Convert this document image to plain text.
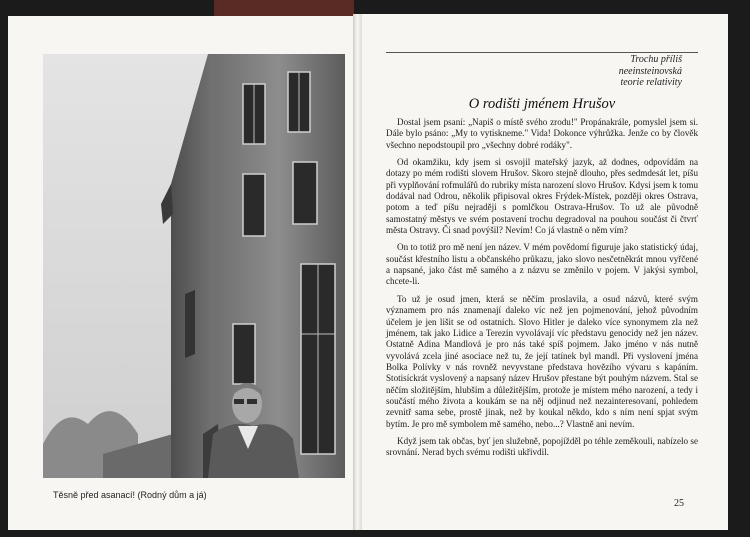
Těsně před asanací! (Rodný dům a já)
Trochu příliš
neeinsteinovská
teorie relativity
O rodišti jménem Hrušov

Dostal jsem psaní: „Napiš o místě svého zrodu!" Propánakrále, pomyslel jsem si. Dále bylo psáno: „My to vytiskneme." Vida! Dokonce výhrůžka. Jenže co by člověk všechno nepodstoupil pro „všechny dobré rodáky".

Od okamžiku, kdy jsem si osvojil mateřský jazyk, až dodnes, odpovídám na dotazy po mém rodišti slovem Hrušov. Skoro stejně dlouho, přes sedmdesát let, píšu při vyplňování rofmulářů do rubriky místa narození slovo Hrušov. Kdysi jsem k tomu dodával nad Odrou, několik připisoval okres Frýdek-Místek, později okres Ostrava, potom a teď píšu nejraději s pomlčkou Ostrava-Hrušov. To už ale původně samostatný městys ve svém postavení trochu degradoval na pouhou součást či čtvrť města Ostravy. Či snad povýšil? Nevím! Co já vlastně o něm vím?

On to totiž pro mě není jen název. V mém povědomí figuruje jako statistický údaj, součást křestního listu a občanského průkazu, jako slovo nesčetněkrát mnou vyřčené a napsané, jako část mě samého a z názvu se změnilo v pojem. V jakýsi symbol, chcete-li.

To už je osud jmen, která se něčím proslavila, a osud názvů, které svým významem pro nás znamenají daleko víc než jen pojmenování, jehož původním účelem je jen lišit se od ostatních. Slovo Hitler je daleko více synonymem zla než jménem, tak jako Lidice a Terezín vyvolávají víc představu genocidy než jen název. Ostatně Adina Mandlová je pro nás také spíš pojmem. Jako jméno v nás nutně vyvolává zcela jiné asociace než tu, že její tatínek byl mandl. Při vyslovení jména Bolka Polívky v nás rovněž nevyvstane představa hovězího vývaru s kapáním. Stotisíckrát vyslovený a napsaný název Hrušov přestane být pouhým názvem. Stal se něčím složitějším, hlubším a důležitějším, protože je místem mého narození, a tedy i součástí mého života a koukám se na něj odjinud než nezainteresovaní, pohledem zevnitř sama sebe, prostě jinak, než by koukal někdo, kdo s ním není spjat svým bytím. Je pro mě symbolem mě samého, nebo...? Vlastně ani nevím.

Když jsem tak občas, byť jen služebně, popojížděl po téhle zeměkouli, nabízelo se srovnání. Nerad bych svému rodišti ukřivdil.

25
